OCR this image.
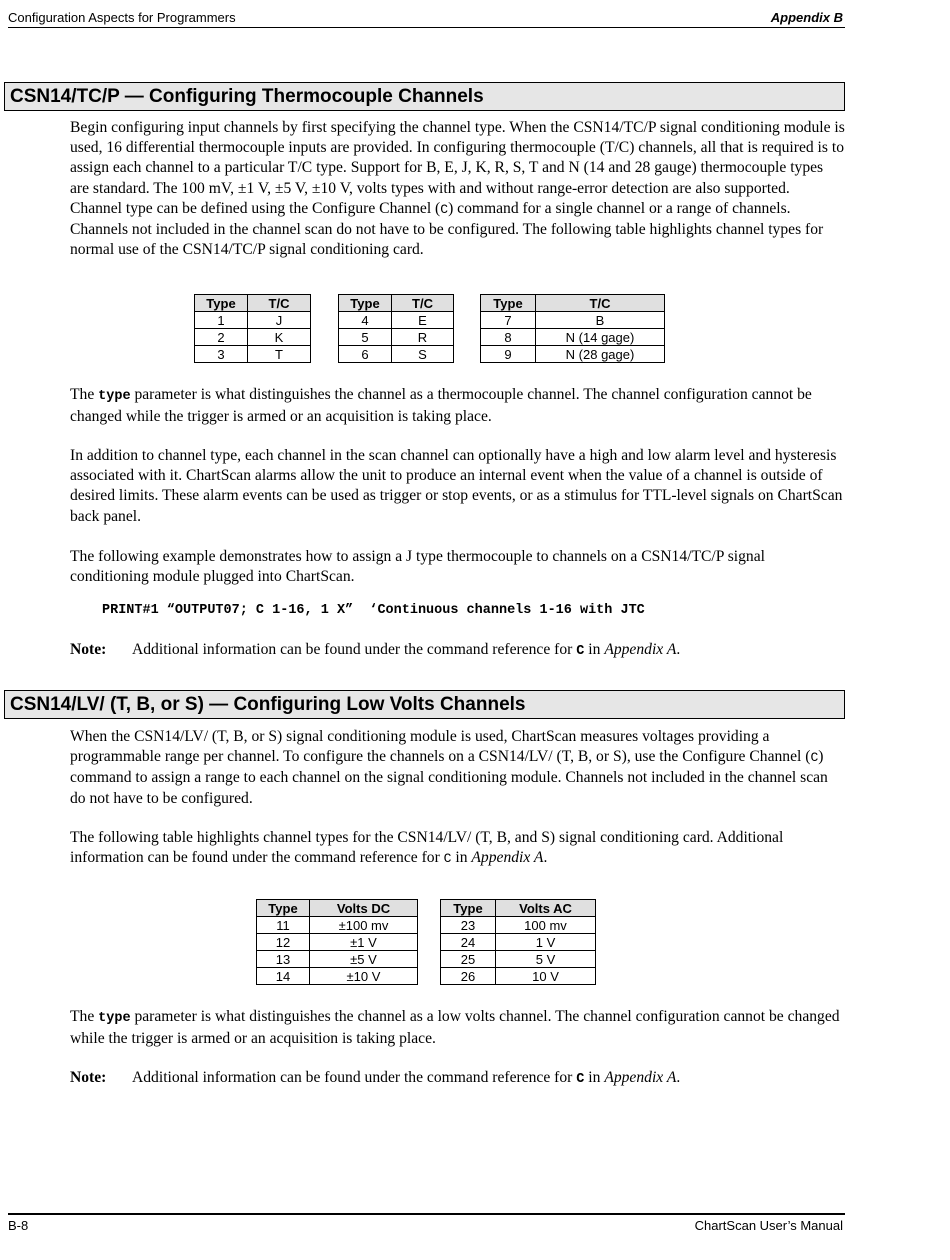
Configuration Aspects for Programmers	Appendix B
CSN14/TC/P — Configuring Thermocouple Channels

Begin configuring input channels by first specifying the channel type. When the CSN14/TC/P signal conditioning module is used, 16 differential thermocouple inputs are provided. In configuring thermocouple (T/C) channels, all that is required is to assign each channel to a particular T/C type. Support for B, E, J, K, R, S, T and N (14 and 28 gauge) thermocouple types are standard. The 100 mV, ±1 V, ±5 V, ±10 V, volts types with and without range-error detection are also supported. Channel type can be defined using the Configure Channel (C) command for a single channel or a range of channels. Channels not included in the channel scan do not have to be configured. The following table highlights channel types for normal use of the CSN14/TC/P signal conditioning card.

Type	T/C
1	J
2	K
3	T
Type	T/C
4	E
5	R
6	S
Type	T/C
7	B
8	N (14 gage)
9	N (28 gage)

The type parameter is what distinguishes the channel as a thermocouple channel. The channel configuration cannot be changed while the trigger is armed or an acquisition is taking place.

In addition to channel type, each channel in the scan channel can optionally have a high and low alarm level and hysteresis associated with it. ChartScan alarms allow the unit to produce an internal event when the value of a channel is outside of desired limits. These alarm events can be used as trigger or stop events, or as a stimulus for TTL-level signals on ChartScan back panel.

The following example demonstrates how to assign a J type thermocouple to channels on a CSN14/TC/P signal conditioning module plugged into ChartScan.

PRINT#1 “OUTPUT07; C 1-16, 1 X”  ‘Continuous channels 1-16 with JTC
Note: Additional information can be found under the command reference for C in Appendix A.
CSN14/LV/ (T, B, or S) — Configuring Low Volts Channels

When the CSN14/LV/ (T, B, or S) signal conditioning module is used, ChartScan measures voltages providing a programmable range per channel. To configure the channels on a CSN14/LV/ (T, B, or S), use the Configure Channel (C) command to assign a range to each channel on the signal conditioning module. Channels not included in the channel scan do not have to be configured.

The following table highlights channel types for the CSN14/LV/ (T, B, and S) signal conditioning card. Additional information can be found under the command reference for C in Appendix A.

Type	Volts DC
11	±100 mv
12	±1 V
13	±5 V
14	±10 V
Type	Volts AC
23	100 mv
24	1 V
25	5 V
26	10 V

The type parameter is what distinguishes the channel as a low volts channel. The channel configuration cannot be changed while the trigger is armed or an acquisition is taking place.

Note: Additional information can be found under the command reference for C in Appendix A.
B-8	ChartScan User’s Manual
